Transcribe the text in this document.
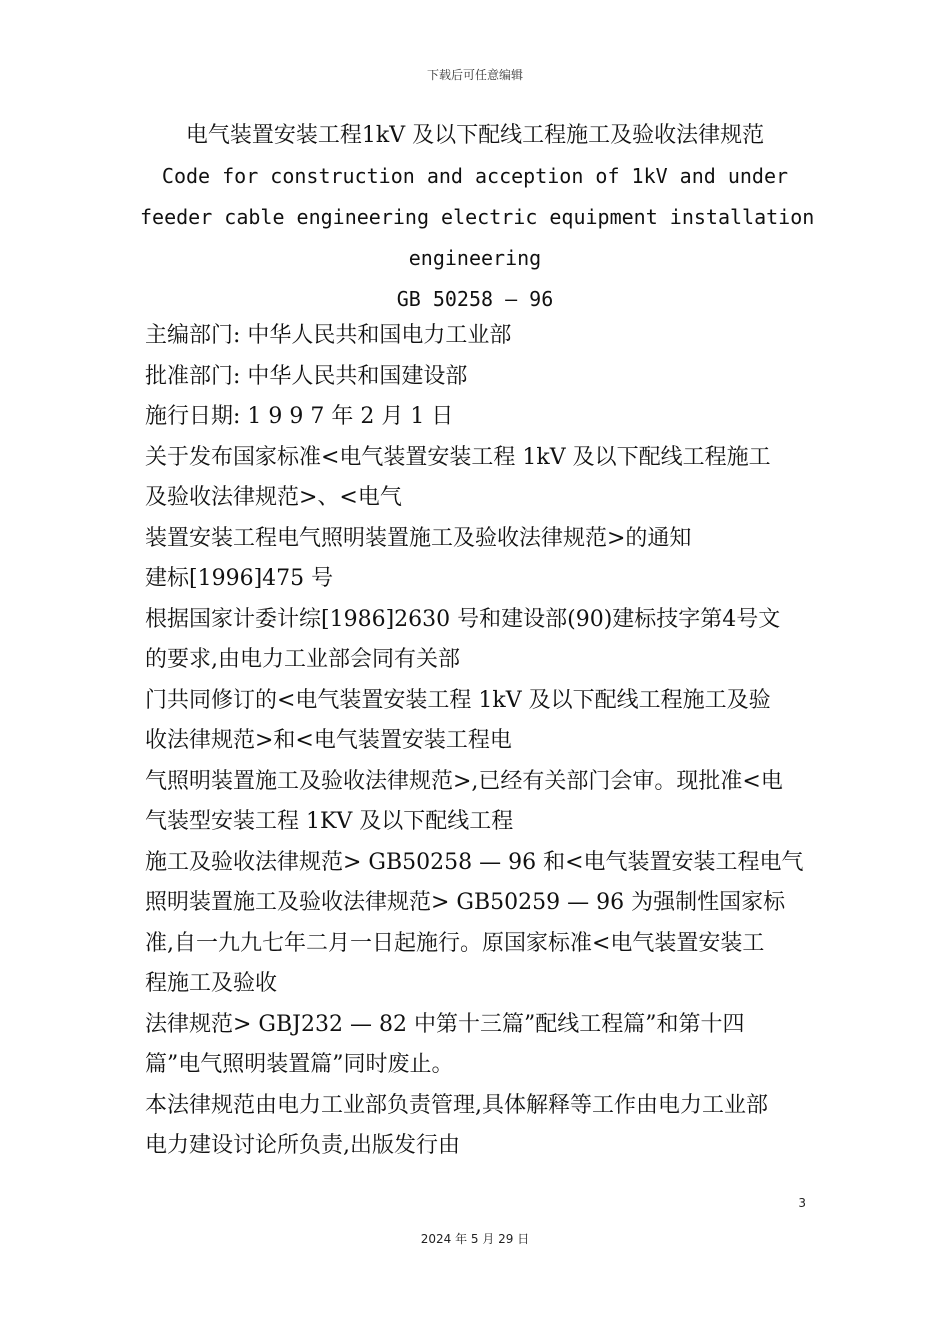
下载后可任意编辑
电气装置安装工程1kV 及以下配线工程施工及验收法律规范
Code for construction and acception of 1kV and under
feeder cable engineering electric equipment installation
engineering
GB 50258 — 96
主编部门: 中华人民共和国电力工业部
批准部门: 中华人民共和国建设部
施行日期: 1 9 9 7 年 2 月 1 日
关于发布国家标准<电气装置安装工程 1kV 及以下配线工程施工
及验收法律规范>、<电气
装置安装工程电气照明装置施工及验收法律规范>的通知
建标[1996]475 号
根据国家计委计综[1986]2630 号和建设部(90)建标技字第4号文
的要求,由电力工业部会同有关部
门共同修订的<电气装置安装工程 1kV 及以下配线工程施工及验
收法律规范>和<电气装置安装工程电
气照明装置施工及验收法律规范>,已经有关部门会审。现批准<电
气装型安装工程 1KV 及以下配线工程
施工及验收法律规范> GB50258 — 96 和<电气装置安装工程电气
照明装置施工及验收法律规范> GB50259 — 96 为强制性国家标
准,自一九九七年二月一日起施行。原国家标准<电气装置安装工
程施工及验收
法律规范> GBJ232 — 82 中第十三篇”配线工程篇”和第十四
篇”电气照明装置篇”同时废止。
本法律规范由电力工业部负责管理,具体解释等工作由电力工业部
电力建设讨论所负责,出版发行由
3
2024 年 5 月 29 日
